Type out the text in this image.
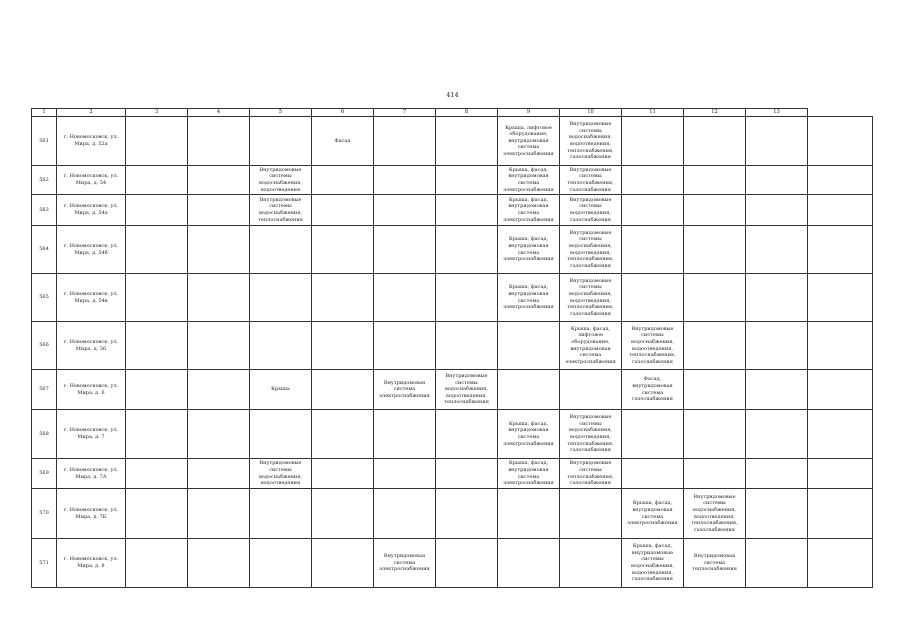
414
1	2	3	4	5	6	7	8	9	10	11	12	13	
561	г. Новомосковск, ул. Мира, д. 52а				Фасад			Крыша, лифтовое оборудование, внутридомовая система электроснабжения	Внутридомовые системы водоснабжения, водоотведения, теплоснабжения, газоснабжения				
562	г. Новомосковск, ул. Мира, д. 54			Внутридомовые системы водоснабжения, водоотведения				Крыша, фасад, внутридомовая система электроснабжения	Внутридомовые системы теплоснабжения, газоснабжения				
563	г. Новомосковск, ул. Мира, д. 54а			Внутридомовые системы водоснабжения, теплоснабжения				Крыша, фасад, внутридомовая система электроснабжения	Внутридомовые системы водоотведения, газоснабжения				
564	г. Новомосковск, ул. Мира, д. 54б							Крыша, фасад, внутридомовая система электроснабжения	Внутридомовые системы водоснабжения, водоотведения, теплоснабжения, газоснабжения				
565	г. Новомосковск, ул. Мира, д. 54в							Крыша, фасад, внутридомовая система электроснабжения	Внутридомовые системы водоснабжения, водоотведения, теплоснабжения, газоснабжения				
566	г. Новомосковск, ул. Мира, д. 56								Крыша, фасад, лифтовое оборудование, внутридомовая система электроснабжения	Внутридомовые системы водоснабжения, водоотведения, теплоснабжения, газоснабжения			
567	г. Новомосковск, ул. Мира, д. 6			Крыша		Внутридомовая система электроснабжения	Внутридомовые системы водоснабжения, водоотведения, теплоснабжения			Фасад, внутридомовая система газоснабжения			
568	г. Новомосковск, ул. Мира, д. 7							Крыша, фасад, внутридомовая система электроснабжения	Внутридомовые системы водоснабжения, водоотведения, теплоснабжения, газоснабжения				
569	г. Новомосковск, ул. Мира, д. 7А			Внутридомовые системы водоснабжения, водоотведения				Крыша, фасад, внутридомовая система электроснабжения	Внутридомовые системы теплоснабжения, газоснабжения				
570	г. Новомосковск, ул. Мира, д. 7Б									Крыша, фасад, внутридомовая система электроснабжения	Внутридомовые системы водоснабжения, водоотведения, теплоснабжения, газоснабжения		
571	г. Новомосковск, ул. Мира, д. 8					Внутридомовая система электроснабжения				Крыша, фасад, внутридомовые системы водоснабжения, водоотведения, газоснабжения	Внутридомовая система теплоснабжения		
